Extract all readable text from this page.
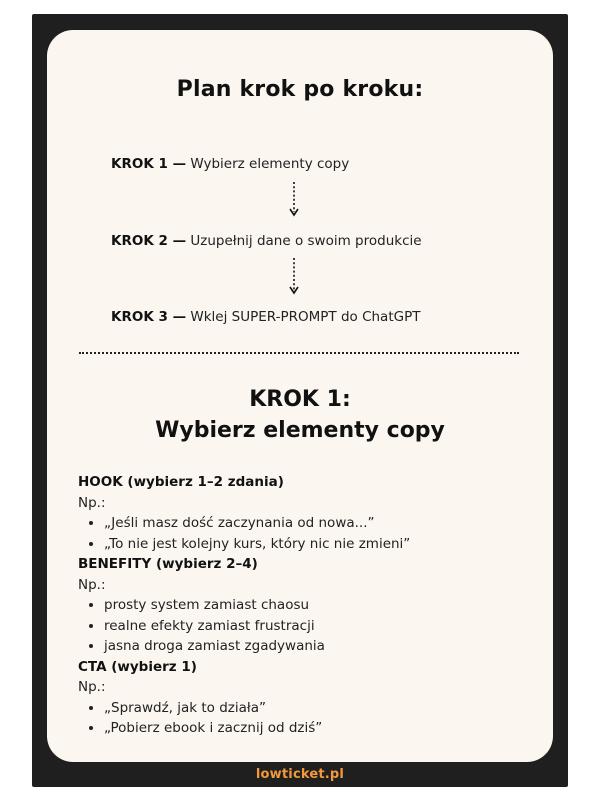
Plan krok po kroku:
KROK 1 — Wybierz elementy copy
KROK 2 — Uzupełnij dane o swoim produkcie
KROK 3 — Wklej SUPER-PROMPT do ChatGPT
KROK 1:
Wybierz elementy copy
HOOK (wybierz 1–2 zdania)
Np.:
• „Jeśli masz dość zaczynania od nowa...”
• „To nie jest kolejny kurs, który nic nie zmieni”
BENEFITY (wybierz 2–4)
Np.:
• prosty system zamiast chaosu
• realne efekty zamiast frustracji
• jasna droga zamiast zgadywania
CTA (wybierz 1)
Np.:
• „Sprawdź, jak to działa”
• „Pobierz ebook i zacznij od dziś”
lowticket.pl
